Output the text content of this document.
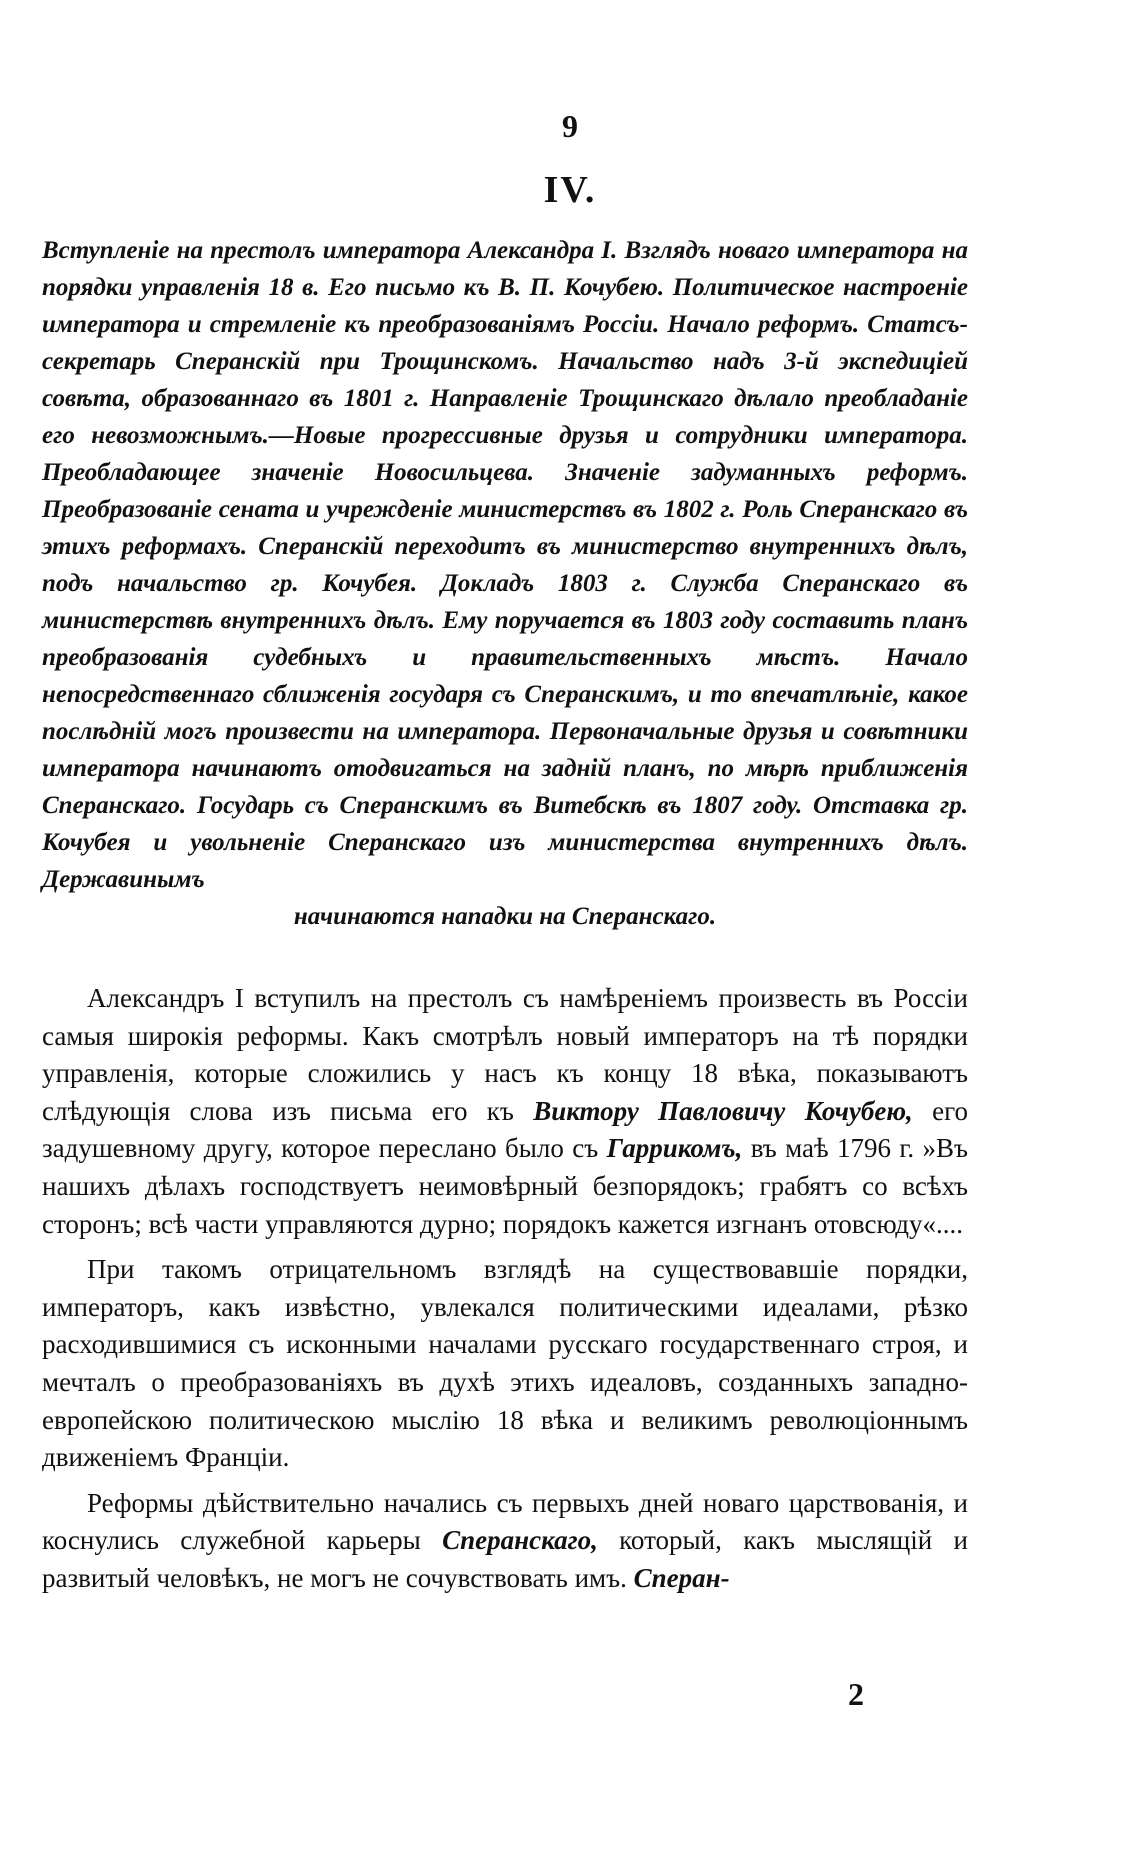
9

IV.

Вступленіе на престолъ императора Александра I. Взглядъ новаго императора на порядки управленія 18 в. Его письмо къ В. П. Кочубею. Политическое настроеніе императора и стремленіе къ преобразованіямъ Россіи. Начало реформъ. Статсъ-секретарь Сперанскій при Трощинскомъ. Начальство надъ 3-й экспедиціей совѣта, образованнаго въ 1801 г. Направленіе Трощинскаго дѣлало преобладаніе его невозможнымъ.—Новые прогрессивные друзья и сотрудники императора. Преобладающее значеніе Новосильцева. Значеніе задуманныхъ реформъ. Преобразованіе сената и учрежденіе министерствъ въ 1802 г. Роль Сперанскаго въ этихъ реформахъ. Сперанскій переходитъ въ министерство внутреннихъ дѣлъ, подъ начальство гр. Кочубея. Докладъ 1803 г. Служба Сперанскаго въ министерствѣ внутреннихъ дѣлъ. Ему поручается въ 1803 году составить планъ преобразованія судебныхъ и правительственныхъ мѣстъ. Начало непосредственнаго сближенія государя съ Сперанскимъ, и то впечатлѣніе, какое послѣдній могъ произвести на императора. Первоначальные друзья и совѣтники императора начинаютъ отодвигаться на задній планъ, по мѣрѣ приближенія Сперанскаго. Государь съ Сперанскимъ въ Витебскѣ въ 1807 году. Отставка гр. Кочубея и увольненіе Сперанскаго изъ министерства внутреннихъ дѣлъ. Державинымъ
начинаются нападки на Сперанскаго.

Александръ I вступилъ на престолъ съ намѣреніемъ произвесть въ Россіи самыя широкія реформы. Какъ смотрѣлъ новый императоръ на тѣ порядки управленія, которые сложились у насъ къ концу 18 вѣка, показываютъ слѣдующія слова изъ письма его къ Виктору Павловичу Кочубею, его задушевному другу, которое переслано было съ Гаррикомъ, въ маѣ 1796 г. »Въ нашихъ дѣлахъ господствуетъ неимовѣрный безпорядокъ; грабятъ со всѣхъ сторонъ; всѣ части управляются дурно; порядокъ кажется изгнанъ отовсюду«....

При такомъ отрицательномъ взглядѣ на существовавшіе порядки, императоръ, какъ извѣстно, увлекался политическими идеалами, рѣзко расходившимися съ исконными началами русскаго государственнаго строя, и мечталъ о преобразованіяхъ въ духѣ этихъ идеаловъ, созданныхъ западно-европейскою политическою мыслію 18 вѣка и великимъ революціоннымъ движеніемъ Франціи.

Реформы дѣйствительно начались съ первыхъ дней новаго царствованія, и коснулись служебной карьеры Сперанскаго, который, какъ мыслящій и развитый человѣкъ, не могъ не сочувствовать имъ. Сперан-

2
